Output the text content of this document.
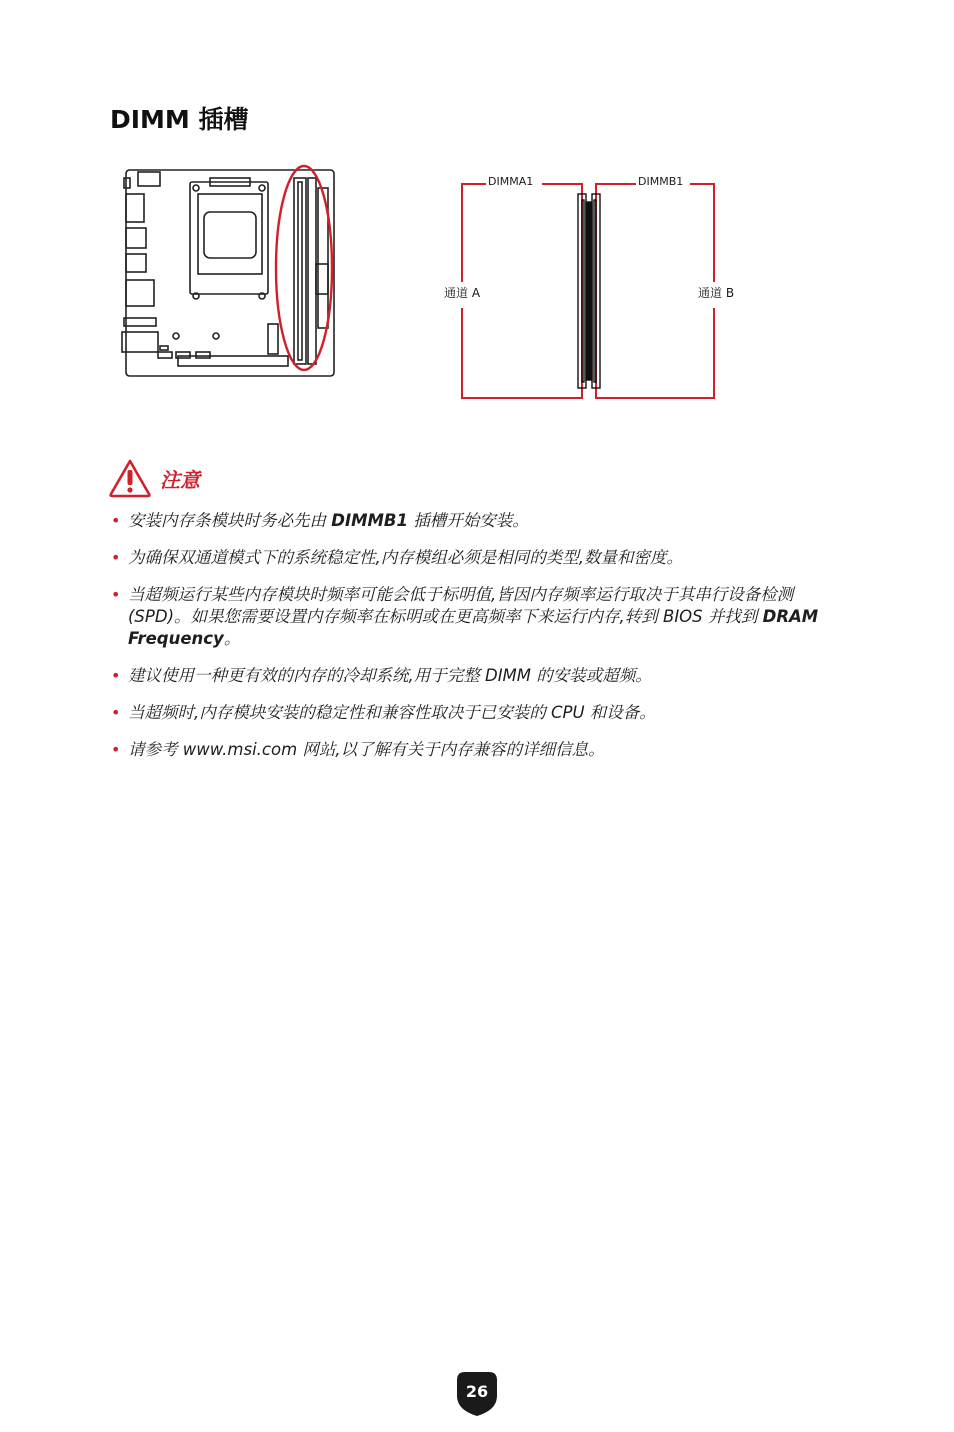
DIMM 插槽
DIMMA1	DIMMB1
通道 A	通道 B
注意
• 安装内存条模块时务必先由 DIMMB1 插槽开始安装。
• 为确保双通道模式下的系统稳定性,内存模组必须是相同的类型,数量和密度。
• 当超频运行某些内存模块时频率可能会低于标明值,皆因内存频率运行取决于其串行设备检测 (SPD)。如果您需要设置内存频率在标明或在更高频率下来运行内存,转到 BIOS 并找到 DRAM Frequency。
• 建议使用一种更有效的内存的冷却系统,用于完整 DIMM 的安装或超频。
• 当超频时,内存模块安装的稳定性和兼容性取决于已安装的 CPU 和设备。
• 请参考 www.msi.com 网站,以了解有关于内存兼容的详细信息。
26
